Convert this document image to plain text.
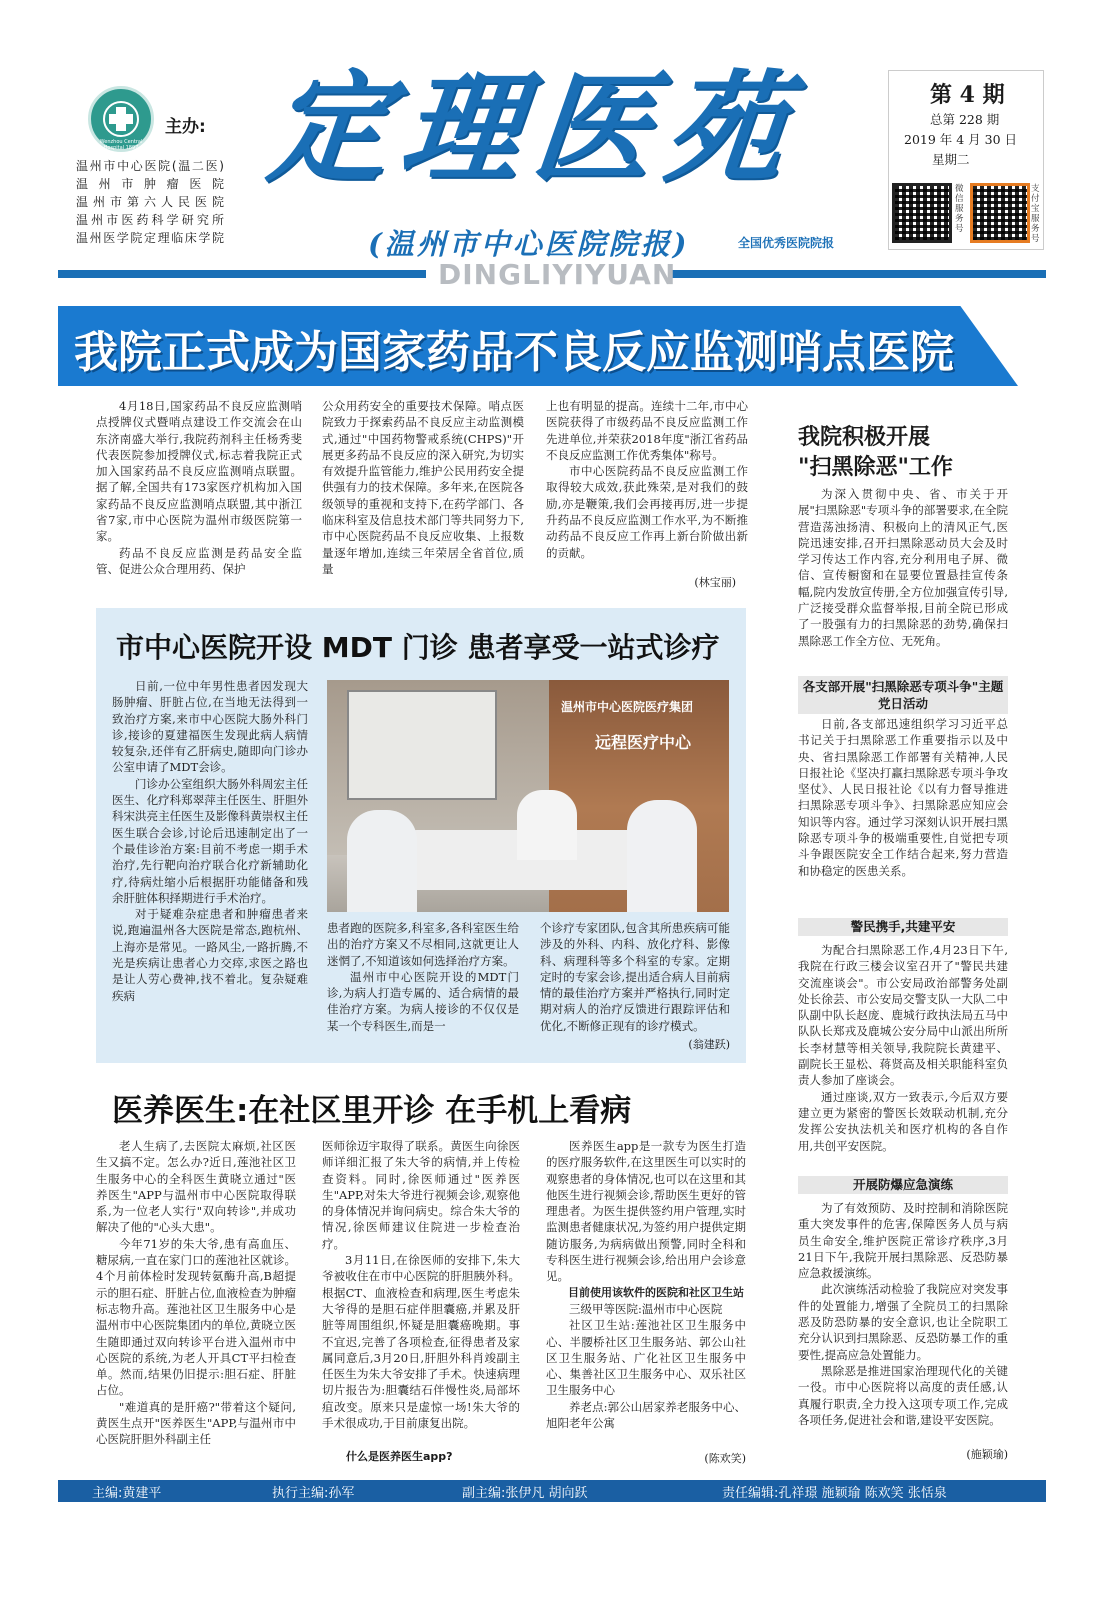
Wenzhou Central Hospital 1897
主办:
温州市中心医院(温二医)
温州市肿瘤医院
温州市第六人民医院
温州市医药科学研究所
温州医学院定理临床学院
定理医苑
(温州市中心医院院报)	全国优秀医院院报
DINGLIYIYUAN
第 4 期
总第 228 期
2019 年 4 月 30 日
星期二
微信服务号
支付宝服务号
我院正式成为国家药品不良反应监测哨点医院

4月18日,国家药品不良反应监测哨点授牌仪式暨哨点建设工作交流会在山东济南盛大举行,我院药剂科主任杨秀斐代表医院参加授牌仪式,标志着我院正式加入国家药品不良反应监测哨点联盟。据了解,全国共有173家医疗机构加入国家药品不良反应监测哨点联盟,其中浙江省7家,市中心医院为温州市级医院第一家。

药品不良反应监测是药品安全监管、促进公众合理用药、保护

公众用药安全的重要技术保障。哨点医院致力于探索药品不良反应主动监测模式,通过"中国药物警戒系统(CHPS)"开展更多药品不良反应的深入研究,为切实有效提升监管能力,维护公民用药安全提供强有力的技术保障。多年来,在医院各级领导的重视和支持下,在药学部门、各临床科室及信息技术部门等共同努力下,市中心医院药品不良反应收集、上报数量逐年增加,连续三年荣居全省首位,质量

上也有明显的提高。连续十二年,市中心医院获得了市级药品不良反应监测工作先进单位,并荣获2018年度"浙江省药品不良反应监测工作优秀集体"称号。

市中心医院药品不良反应监测工作取得较大成效,获此殊荣,是对我们的鼓励,亦是鞭策,我们会再接再厉,进一步提升药品不良反应监测工作水平,为不断推动药品不良反应工作再上新台阶做出新的贡献。

(林宝丽)
市中心医院开设 MDT 门诊 患者享受一站式诊疗

日前,一位中年男性患者因发现大肠肿瘤、肝脏占位,在当地无法得到一致治疗方案,来市中心医院大肠外科门诊,接诊的夏建福医生发现此病人病情较复杂,还伴有乙肝病史,随即向门诊办公室申请了MDT会诊。

门诊办公室组织大肠外科周宏主任医生、化疗科郑翠萍主任医生、肝胆外科宋洪亮主任医生及影像科黄崇权主任医生联合会诊,讨论后迅速制定出了一个最佳诊治方案:目前不考虑一期手术治疗,先行靶向治疗联合化疗新辅助化疗,待病灶缩小后根据肝功能储备和残余肝脏体积择期进行手术治疗。

对于疑难杂症患者和肿瘤患者来说,跑遍温州各大医院是常态,跑杭州、上海亦是常见。一路风尘,一路折腾,不光是疾病让患者心力交瘁,求医之路也是让人劳心费神,找不着北。复杂疑难疾病

温州市中心医院医疗集团
远程医疗中心

患者跑的医院多,科室多,各科室医生给出的治疗方案又不尽相同,这就更让人迷惘了,不知道该如何选择治疗方案。

温州市中心医院开设的MDT门诊,为病人打造专属的、适合病情的最佳治疗方案。为病人接诊的不仅仅是某一个专科医生,而是一

个诊疗专家团队,包含其所患疾病可能涉及的外科、内科、放化疗科、影像科、病理科等多个科室的专家。定期定时的专家会诊,提出适合病人目前病情的最佳治疗方案并严格执行,同时定期对病人的治疗反馈进行跟踪评估和优化,不断修正现有的诊疗模式。

(翁建跃)
医养医生:在社区里开诊 在手机上看病

老人生病了,去医院太麻烦,社区医生又搞不定。怎么办?近日,莲池社区卫生服务中心的全科医生黄晓立通过"医养医生"APP与温州市中心医院取得联系,为一位老人实行"双向转诊",并成功解决了他的"心头大患"。

今年71岁的朱大爷,患有高血压、糖尿病,一直在家门口的莲池社区就诊。4个月前体检时发现转氨酶升高,B超提示的胆石症、肝脏占位,血液检查为肿瘤标志物升高。莲池社区卫生服务中心是温州市中心医院集团内的单位,黄晓立医生随即通过双向转诊平台进入温州市中心医院的系统,为老人开具CT平扫检查单。然而,结果仍旧提示:胆石症、肝脏占位。

"难道真的是肝癌?"带着这个疑问,黄医生点开"医养医生"APP,与温州市中心医院肝胆外科副主任

医师徐迈宇取得了联系。黄医生向徐医师详细汇报了朱大爷的病情,并上传检查资料。同时,徐医师通过"医养医生"APP,对朱大爷进行视频会诊,观察他的身体情况并询问病史。综合朱大爷的情况,徐医师建议住院进一步检查治疗。

3月11日,在徐医师的安排下,朱大爷被收住在市中心医院的肝胆胰外科。根据CT、血液检查和病理,医生考虑朱大爷得的是胆石症伴胆囊癌,并累及肝脏等周围组织,怀疑是胆囊癌晚期。事不宜迟,完善了各项检查,征得患者及家属同意后,3月20日,肝胆外科肖竣副主任医生为朱大爷安排了手术。快速病理切片报告为:胆囊结石伴慢性炎,局部坏疽改变。原来只是虚惊一场!朱大爷的手术很成功,于目前康复出院。

什么是医养医生app?

医养医生app是一款专为医生打造的医疗服务软件,在这里医生可以实时的观察患者的身体情况,也可以在这里和其他医生进行视频会诊,帮助医生更好的管理患者。为医生提供签约用户管理,实时监测患者健康状况,为签约用户提供定期随访服务,为病病做出预警,同时全科和专科医生进行视频会诊,给出用户会诊意见。

目前使用该软件的医院和社区卫生站

三级甲等医院:温州市中心医院

社区卫生站:莲池社区卫生服务中心、半腰桥社区卫生服务站、郭公山社区卫生服务站、广化社区卫生服务中心、集善社区卫生服务中心、双乐社区卫生服务中心

养老点:郭公山居家养老服务中心、旭阳老年公寓

(陈欢笑)
我院积极开展
"扫黑除恶"工作

为深入贯彻中央、省、市关于开展"扫黑除恶"专项斗争的部署要求,在全院营造荡浊扬清、积极向上的清风正气,医院迅速安排,召开扫黑除恶动员大会及时学习传达工作内容,充分利用电子屏、微信、宣传橱窗和在显要位置悬挂宣传条幅,院内发放宣传册,全方位加强宣传引导,广泛接受群众监督举报,目前全院已形成了一股强有力的扫黑除恶的劲势,确保扫黑除恶工作全方位、无死角。

各支部开展"扫黑除恶专项斗争"主题党日活动

日前,各支部迅速组织学习习近平总书记关于扫黑除恶工作重要指示以及中央、省扫黑除恶工作部署有关精神,人民日报社论《坚决打赢扫黑除恶专项斗争攻坚仗》、人民日报社论《以有力督导推进扫黑除恶专项斗争》、扫黑除恶应知应会知识等内容。通过学习深刻认识开展扫黑除恶专项斗争的极端重要性,自觉把专项斗争跟医院安全工作结合起来,努力营造和协稳定的医患关系。

警民携手,共建平安

为配合扫黑除恶工作,4月23日下午,我院在行政三楼会议室召开了"警民共建交流座谈会"。市公安局政治部警务处副处长徐芸、市公安局交警支队一大队二中队副中队长赵庞、鹿城行政执法局五马中队队长郑戎及鹿城公安分局中山派出所所长李材慧等相关领导,我院院长黄建平、副院长王显松、蒋贤高及相关职能科室负责人参加了座谈会。

通过座谈,双方一致表示,今后双方要建立更为紧密的警医长效联动机制,充分发挥公安执法机关和医疗机构的各自作用,共创平安医院。

开展防爆应急演练

为了有效预防、及时控制和消除医院重大突发事件的危害,保障医务人员与病员生命安全,维护医院正常诊疗秩序,3月21日下午,我院开展扫黑除恶、反恐防暴应急救援演练。

此次演练活动检验了我院应对突发事件的处置能力,增强了全院员工的扫黑除恶及防恐防暴的安全意识,也让全院职工充分认识到扫黑除恶、反恐防暴工作的重要性,提高应急处置能力。

黑除恶是推进国家治理现代化的关键一役。市中心医院将以高度的责任感,认真履行职责,全力投入这项专项工作,完成各项任务,促进社会和谐,建设平安医院。

(施颖瑜)
主编:黄建平	执行主编:孙军	副主编:张伊凡 胡向跃	责任编辑:孔祥璟 施颖瑜 陈欢笑 张恬泉
